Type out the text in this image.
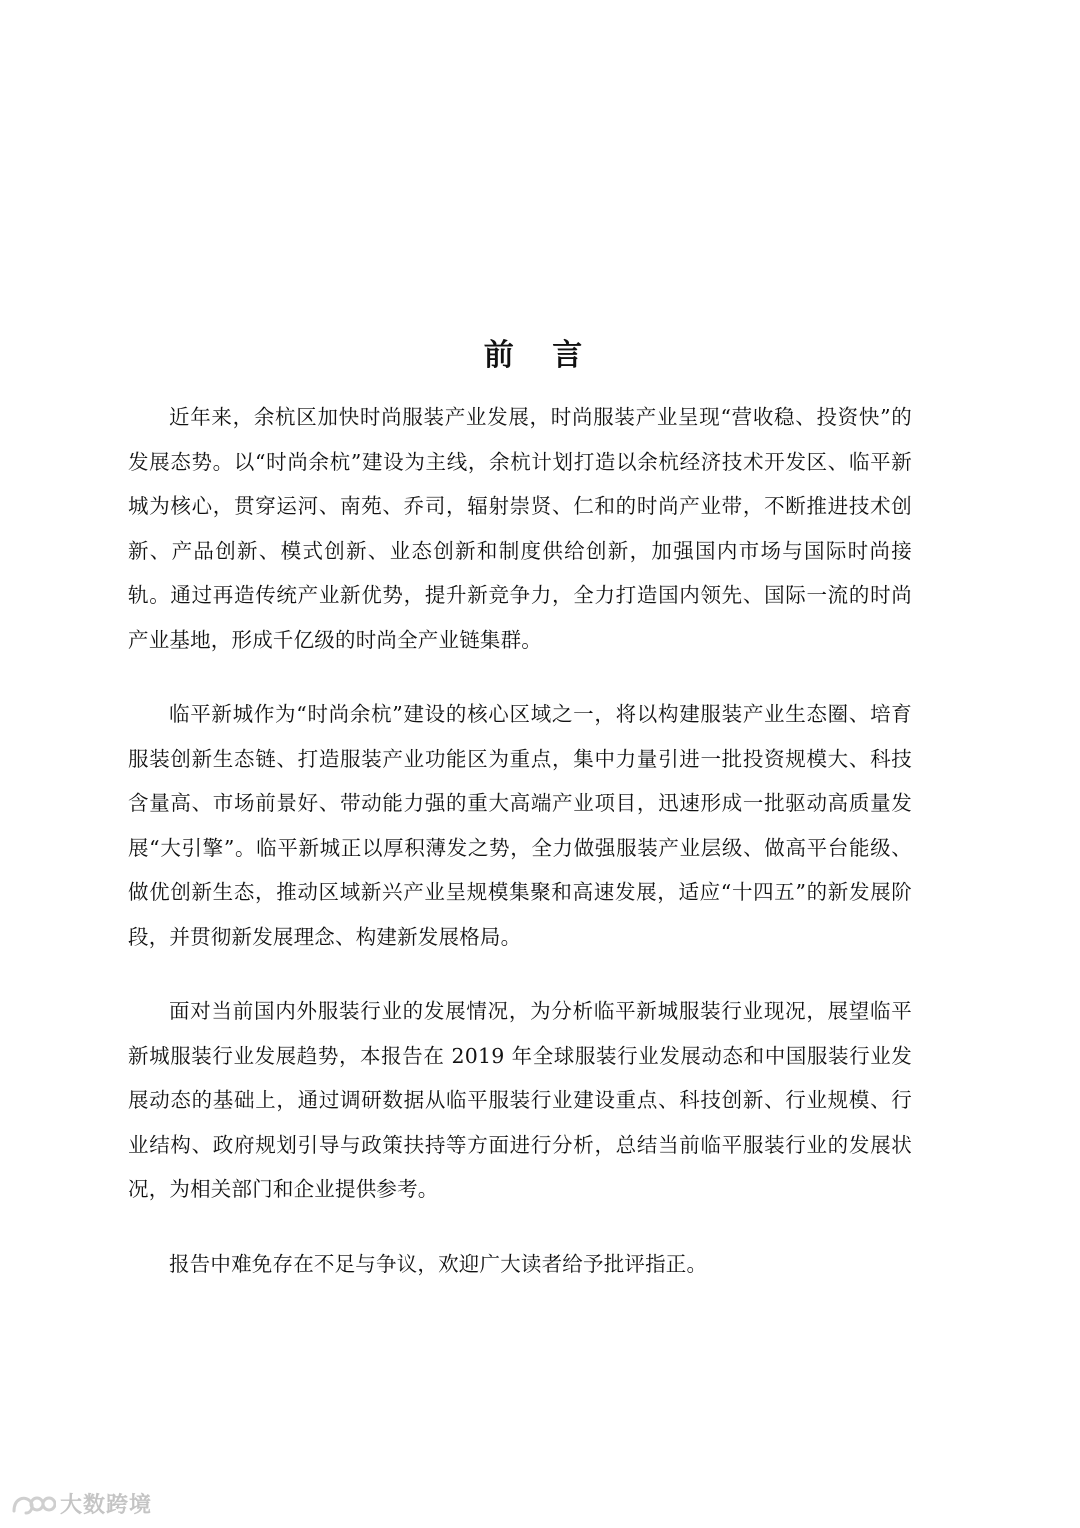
前 言

近年来，余杭区加快时尚服装产业发展，时尚服装产业呈现“营收稳、投资快”的发展态势。以“时尚余杭”建设为主线，余杭计划打造以余杭经济技术开发区、临平新城为核心，贯穿运河、南苑、乔司，辐射崇贤、仁和的时尚产业带，不断推进技术创新、产品创新、模式创新、业态创新和制度供给创新，加强国内市场与国际时尚接轨。通过再造传统产业新优势，提升新竞争力，全力打造国内领先、国际一流的时尚产业基地，形成千亿级的时尚全产业链集群。

临平新城作为“时尚余杭”建设的核心区域之一，将以构建服装产业生态圈、培育服装创新生态链、打造服装产业功能区为重点，集中力量引进一批投资规模大、科技含量高、市场前景好、带动能力强的重大高端产业项目，迅速形成一批驱动高质量发展“大引擎”。临平新城正以厚积薄发之势，全力做强服装产业层级、做高平台能级、做优创新生态，推动区域新兴产业呈规模集聚和高速发展，适应“十四五”的新发展阶段，并贯彻新发展理念、构建新发展格局。

面对当前国内外服装行业的发展情况，为分析临平新城服装行业现况，展望临平新城服装行业发展趋势，本报告在 2019 年全球服装行业发展动态和中国服装行业发展动态的基础上，通过调研数据从临平服装行业建设重点、科技创新、行业规模、行业结构、政府规划引导与政策扶持等方面进行分析，总结当前临平服装行业的发展状况，为相关部门和企业提供参考。

报告中难免存在不足与争议，欢迎广大读者给予批评指正。

大数跨境
